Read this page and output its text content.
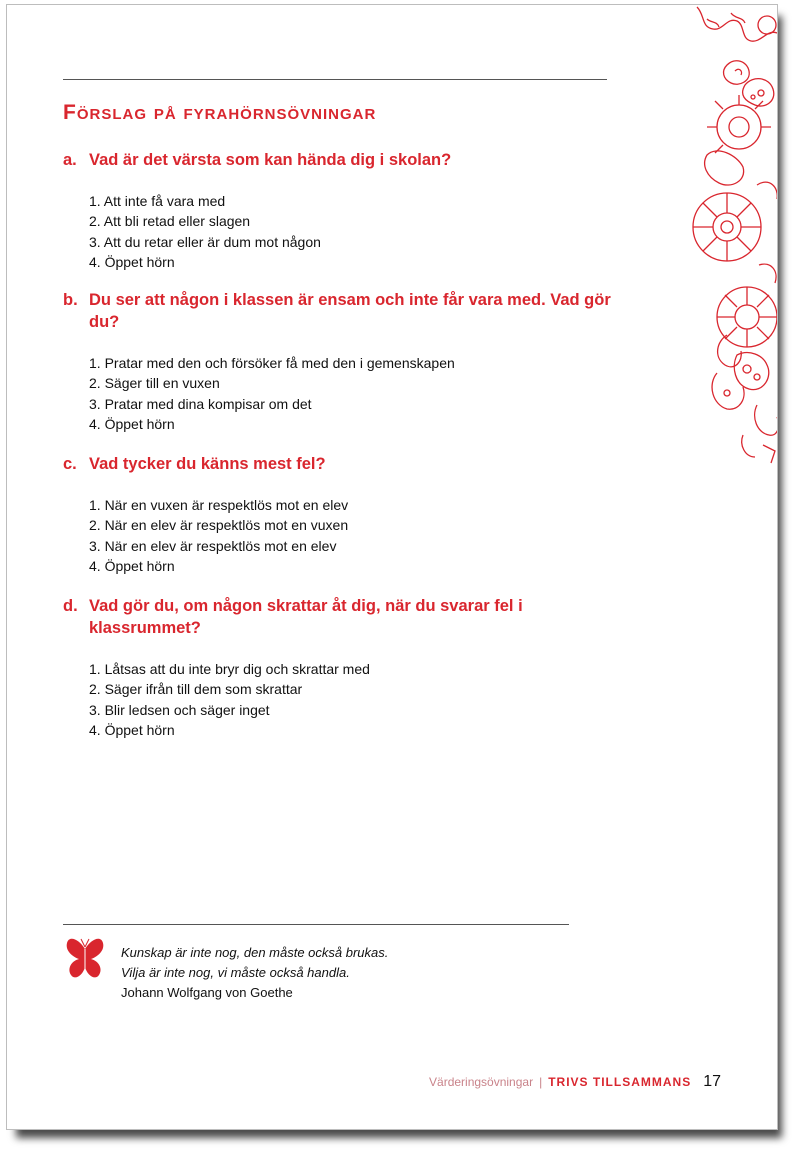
Förslag på fyrahörnsövningar

a. Vad är det värsta som kan hända dig i skolan?

1. Att inte få vara med
2. Att bli retad eller slagen
3. Att du retar eller är dum mot någon
4. Öppet hörn

b. Du ser att någon i klassen är ensam och inte får vara med. Vad gör du?

1. Pratar med den och försöker få med den i gemenskapen
2. Säger till en vuxen
3. Pratar med dina kompisar om det
4. Öppet hörn

c. Vad tycker du känns mest fel?

1. När en vuxen är respektlös mot en elev
2. När en elev är respektlös mot en vuxen
3. När en elev är respektlös mot en elev
4. Öppet hörn

d. Vad gör du, om någon skrattar åt dig, när du svarar fel i klassrummet?

1. Låtsas att du inte bryr dig och skrattar med
2. Säger ifrån till dem som skrattar
3. Blir ledsen och säger inget
4. Öppet hörn
Kunskap är inte nog, den måste också brukas.
Vilja är inte nog, vi måste också handla.
Johann Wolfgang von Goethe
Värderingsövningar | TRIVS TILLSAMMANS 17
